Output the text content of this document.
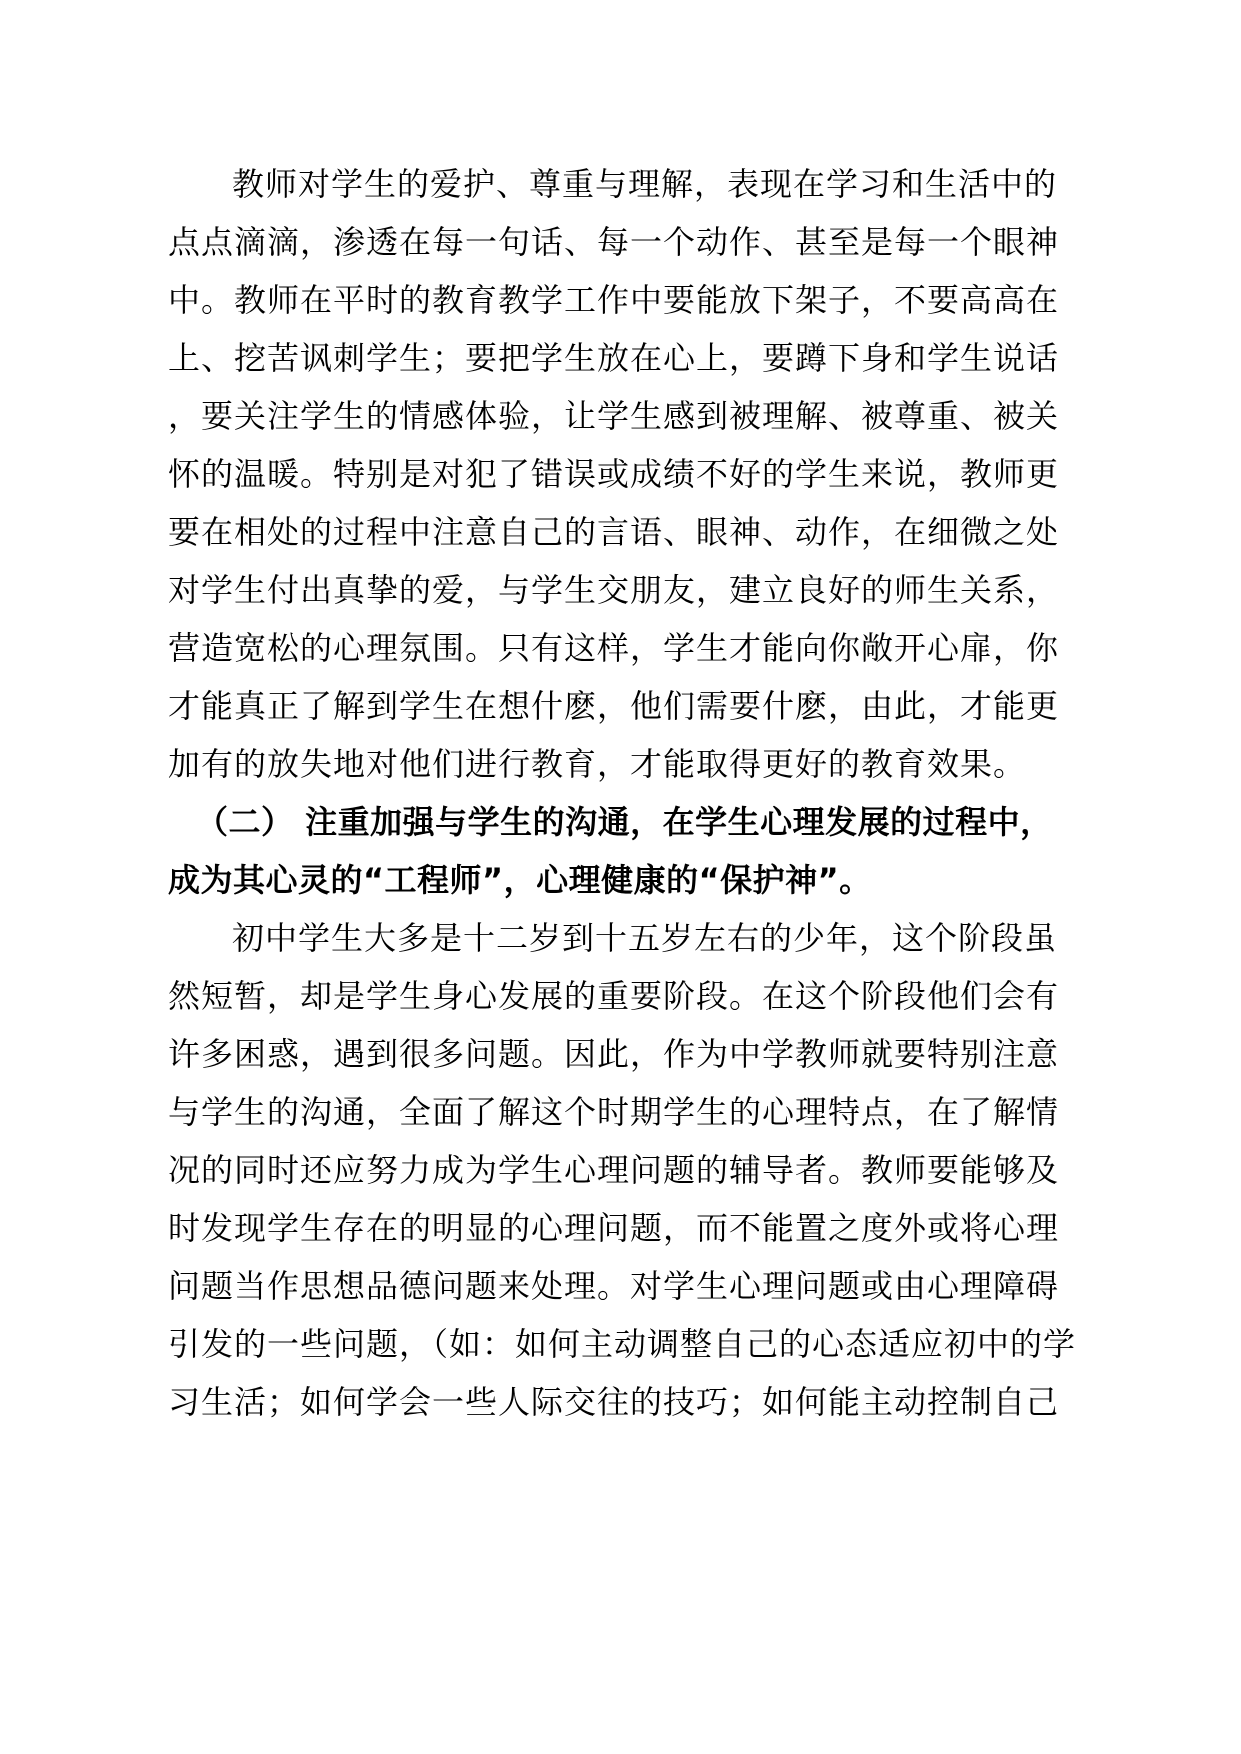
教师对学生的爱护、尊重与理解，表现在学习和生活中的
点点滴滴，渗透在每一句话、每一个动作、甚至是每一个眼神
中。教师在平时的教育教学工作中要能放下架子，不要高高在
上、挖苦讽刺学生；要把学生放在心上，要蹲下身和学生说话
，要关注学生的情感体验，让学生感到被理解、被尊重、被关
怀的温暖。特别是对犯了错误或成绩不好的学生来说，教师更
要在相处的过程中注意自己的言语、眼神、动作，在细微之处
对学生付出真挚的爱，与学生交朋友，建立良好的师生关系，
营造宽松的心理氛围。只有这样，学生才能向你敞开心扉，你
才能真正了解到学生在想什麽，他们需要什麽，由此，才能更
加有的放失地对他们进行教育，才能取得更好的教育效果。
（二） 注重加强与学生的沟通，在学生心理发展的过程中，
成为其心灵的“工程师”，心理健康的“保护神”。
初中学生大多是十二岁到十五岁左右的少年，这个阶段虽
然短暂，却是学生身心发展的重要阶段。在这个阶段他们会有
许多困惑，遇到很多问题。因此，作为中学教师就要特别注意
与学生的沟通，全面了解这个时期学生的心理特点，在了解情
况的同时还应努力成为学生心理问题的辅导者。教师要能够及
时发现学生存在的明显的心理问题，而不能置之度外或将心理
问题当作思想品德问题来处理。对学生心理问题或由心理障碍
引发的一些问题，（如：如何主动调整自己的心态适应初中的学
习生活；如何学会一些人际交往的技巧；如何能主动控制自己
